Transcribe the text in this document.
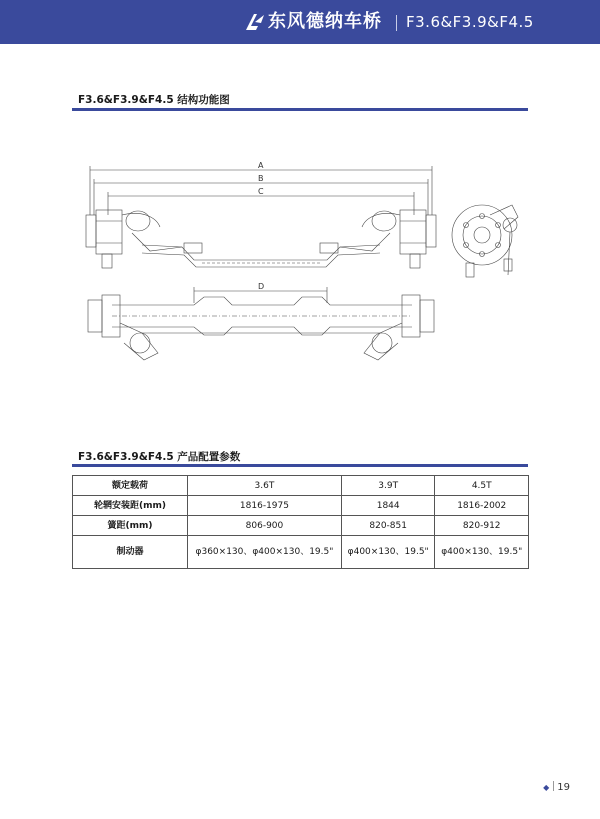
东风德纳车桥 F3.6&F3.9&F4.5
F3.6&F3.9&F4.5 结构功能图
A
B
C
D
F3.6&F3.9&F4.5 产品配置参数
额定载荷	3.6T	3.9T	4.5T
轮辋安装距(mm)	1816-1975	1844	1816-2002
簧距(mm)	806-900	820-851	820-912
制动器	φ360×130、φ400×130、19.5"	φ400×130、19.5"	φ400×130、19.5"
◆ 19
